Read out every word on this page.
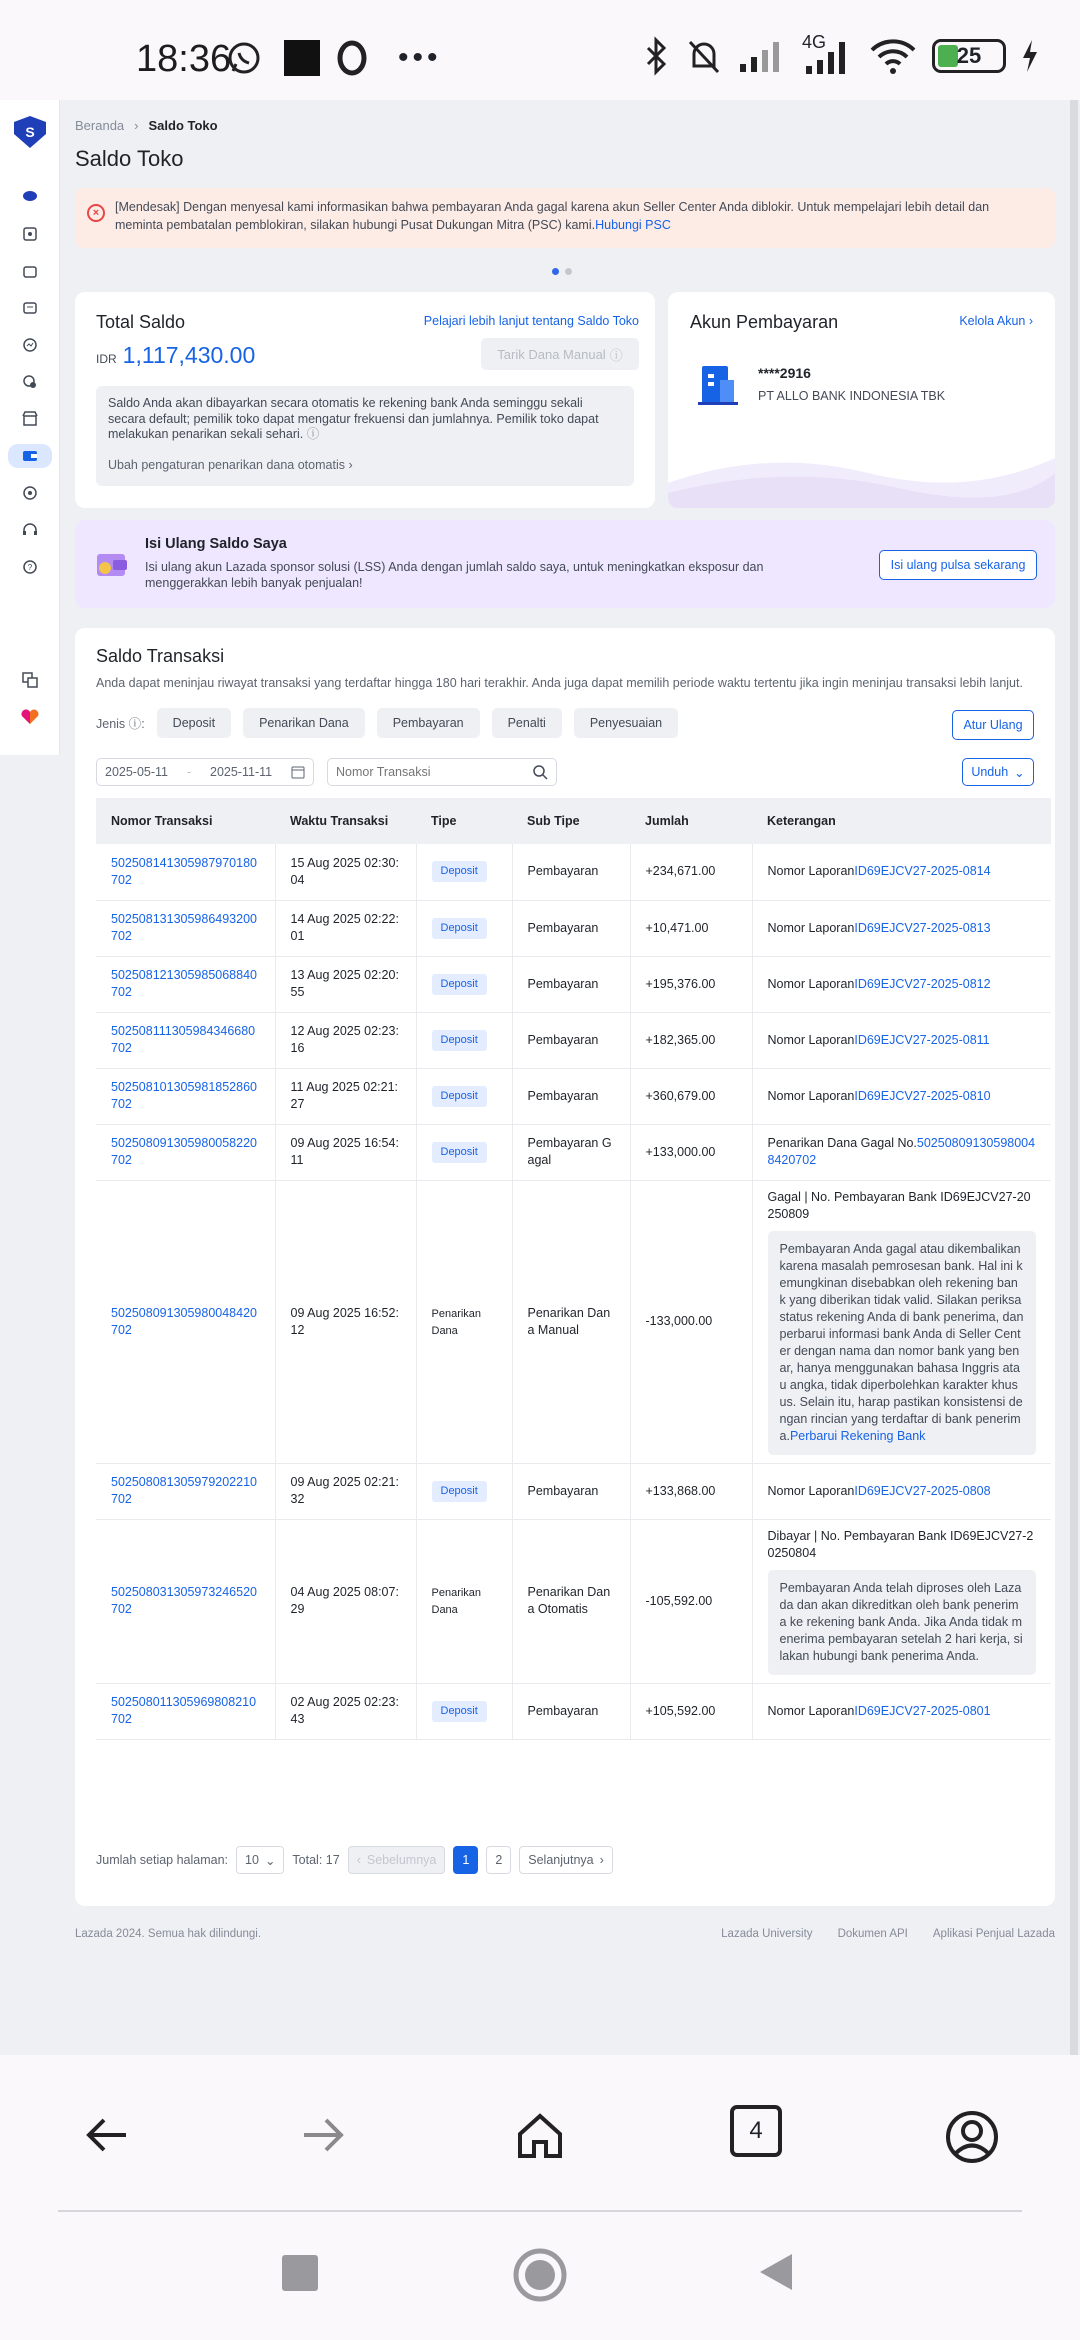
18:36	•••	4G
25
S
?
Beranda › Saldo Toko
Saldo Toko
×	[Mendesak] Dengan menyesal kami informasikan bahwa pembayaran Anda gagal karena akun Seller Center Anda diblokir. Untuk mempelajari lebih detail dan meminta pembatalan pemblokiran, silakan hubungi Pusat Dukungan Mitra (PSC) kami.Hubungi PSC
Total Saldo	Pelajari lebih lanjut tentang Saldo Toko
IDR 1,117,430.00	Tarik Dana Manual ⓘ
Saldo Anda akan dibayarkan secara otomatis ke rekening bank Anda seminggu sekali secara default; pemilik toko dapat mengatur frekuensi dan jumlahnya. Pemilik toko dapat melakukan penarikan sekali sehari. ⓘ
Ubah pengaturan penarikan dana otomatis ›
Akun Pembayaran	Kelola Akun ›
****2916
PT ALLO BANK INDONESIA TBK
Isi Ulang Saldo Saya
Isi ulang akun Lazada sponsor solusi (LSS) Anda dengan jumlah saldo saya, untuk meningkatkan eksposur dan menggerakkan lebih banyak penjualan!
Isi ulang pulsa sekarang
Saldo Transaksi
Anda dapat meninjau riwayat transaksi yang terdaftar hingga 180 hari terakhir. Anda juga dapat memilih periode waktu tertentu jika ingin meninjau transaksi lebih lanjut.
Jenis ⓘ:	Deposit	Penarikan Dana	Pembayaran	Penalti	Penyesuaian	Atur Ulang
2025-05-11 - 2025-11-11
Nomor Transaksi	Unduh ⌄
Nomor Transaksi	Waktu Transaksi	Tipe	Sub Tipe	Jumlah	Keterangan
502508141305987970180702	15 Aug 2025 02:30:04	Deposit	Pembayaran	+234,671.00	Nomor LaporanID69EJCV27-2025-0814
502508131305986493200702	14 Aug 2025 02:22:01	Deposit	Pembayaran	+10,471.00	Nomor LaporanID69EJCV27-2025-0813
502508121305985068840702	13 Aug 2025 02:20:55	Deposit	Pembayaran	+195,376.00	Nomor LaporanID69EJCV27-2025-0812
502508111305984346680702	12 Aug 2025 02:23:16	Deposit	Pembayaran	+182,365.00	Nomor LaporanID69EJCV27-2025-0811
502508101305981852860702	11 Aug 2025 02:21:27	Deposit	Pembayaran	+360,679.00	Nomor LaporanID69EJCV27-2025-0810
502508091305980058220702	09 Aug 2025 16:54:11	Deposit	Pembayaran Gagal	+133,000.00	Penarikan Dana Gagal No.502508091305980048420702
502508091305980048420702	09 Aug 2025 16:52:12	Penarikan Dana	Penarikan Dana Manual	-133,000.00	Gagal | No. Pembayaran Bank ID69EJCV27-20250809
Pembayaran Anda gagal atau dikembalikan karena masalah pemrosesan bank. Hal ini kemungkinan disebabkan oleh rekening bank yang diberikan tidak valid. Silakan periksa status rekening Anda di bank penerima, dan perbarui informasi bank Anda di Seller Center dengan nama dan nomor bank yang benar, hanya menggunakan bahasa Inggris atau angka, tidak diperbolehkan karakter khusus. Selain itu, harap pastikan konsistensi dengan rincian yang terdaftar di bank penerima.Perbarui Rekening Bank

502508081305979202210702	09 Aug 2025 02:21:32	Deposit	Pembayaran	+133,868.00	Nomor LaporanID69EJCV27-2025-0808
502508031305973246520702	04 Aug 2025 08:07:29	Penarikan Dana	Penarikan Dana Otomatis	-105,592.00	Dibayar | No. Pembayaran Bank ID69EJCV27-20250804
Pembayaran Anda telah diproses oleh Lazada dan akan dikreditkan oleh bank penerima ke rekening bank Anda. Jika Anda tidak menerima pembayaran setelah 2 hari kerja, silakan hubungi bank penerima Anda.

502508011305969808210702	02 Aug 2025 02:23:43	Deposit	Pembayaran	+105,592.00	Nomor LaporanID69EJCV27-2025-0801
Jumlah setiap halaman: 10 ⌄ Total: 17 ‹ Sebelumnya	1	2	Selanjutnya ›
Lazada 2024. Semua hak dilindungi.	Lazada University Dokumen API Aplikasi Penjual Lazada
4
